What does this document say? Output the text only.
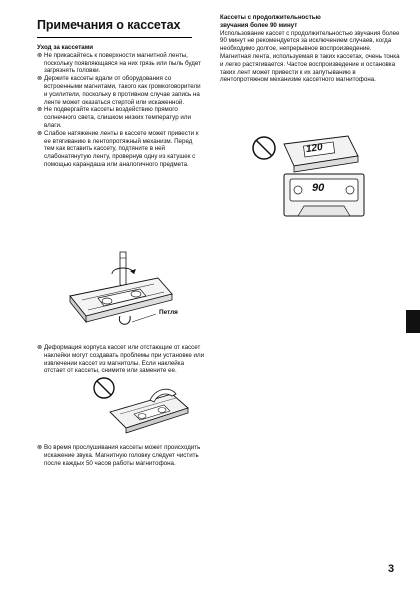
Примечания о кассетах

Уход за кассетами

⊗ Не прикасайтесь к поверхности магнитной ленты, поскольку появляющаяся на них грязь или пыль будет загрязнять головки.

⊗ Держите кассеты вдали от оборудования со встроенными магнитами, такого как громкоговорители и усилители, поскольку в противном случае запись на ленте может оказаться стертой или искаженной.

⊗ Не подвергайте кассеты воздействию прямого солнечного света, слишком низких температур или влаги.

⊗ Слабое натяжение ленты в кассете может привести к ее втягиванию в лентопротяжный механизм. Перед тем как вставить кассету, подтяните в ней слабонатянутую ленту, провернув одну из катушек с помощью карандаша или аналогичного предмета.

Петля

⊗ Деформация корпуса кассет или отстающие от кассет наклейки могут создавать проблемы при установке или извлечении кассет из магнитолы. Если наклейка отстает от кассеты, снимите или замените ее.

⊗ Во время прослушивания кассеты может происходить искажение звука. Магнитную головку следует чистить после каждых 50 часов работы магнитофона.

Кассеты с продолжительностью

звучания более 90 минут

Использование кассет с продолжительностью звучания более 90 минут не рекомендуется за исключением случаев, когда необходимо долгое, непрерывное воспроизведение. Магнитная лента, используемая в таких кассетах, очень тонка и легко растягивается. Частое воспроизведение и остановка таких лент может привести к их запутыванию в лентопротяжном механизме кассетного магнитофона.

120
90
3
